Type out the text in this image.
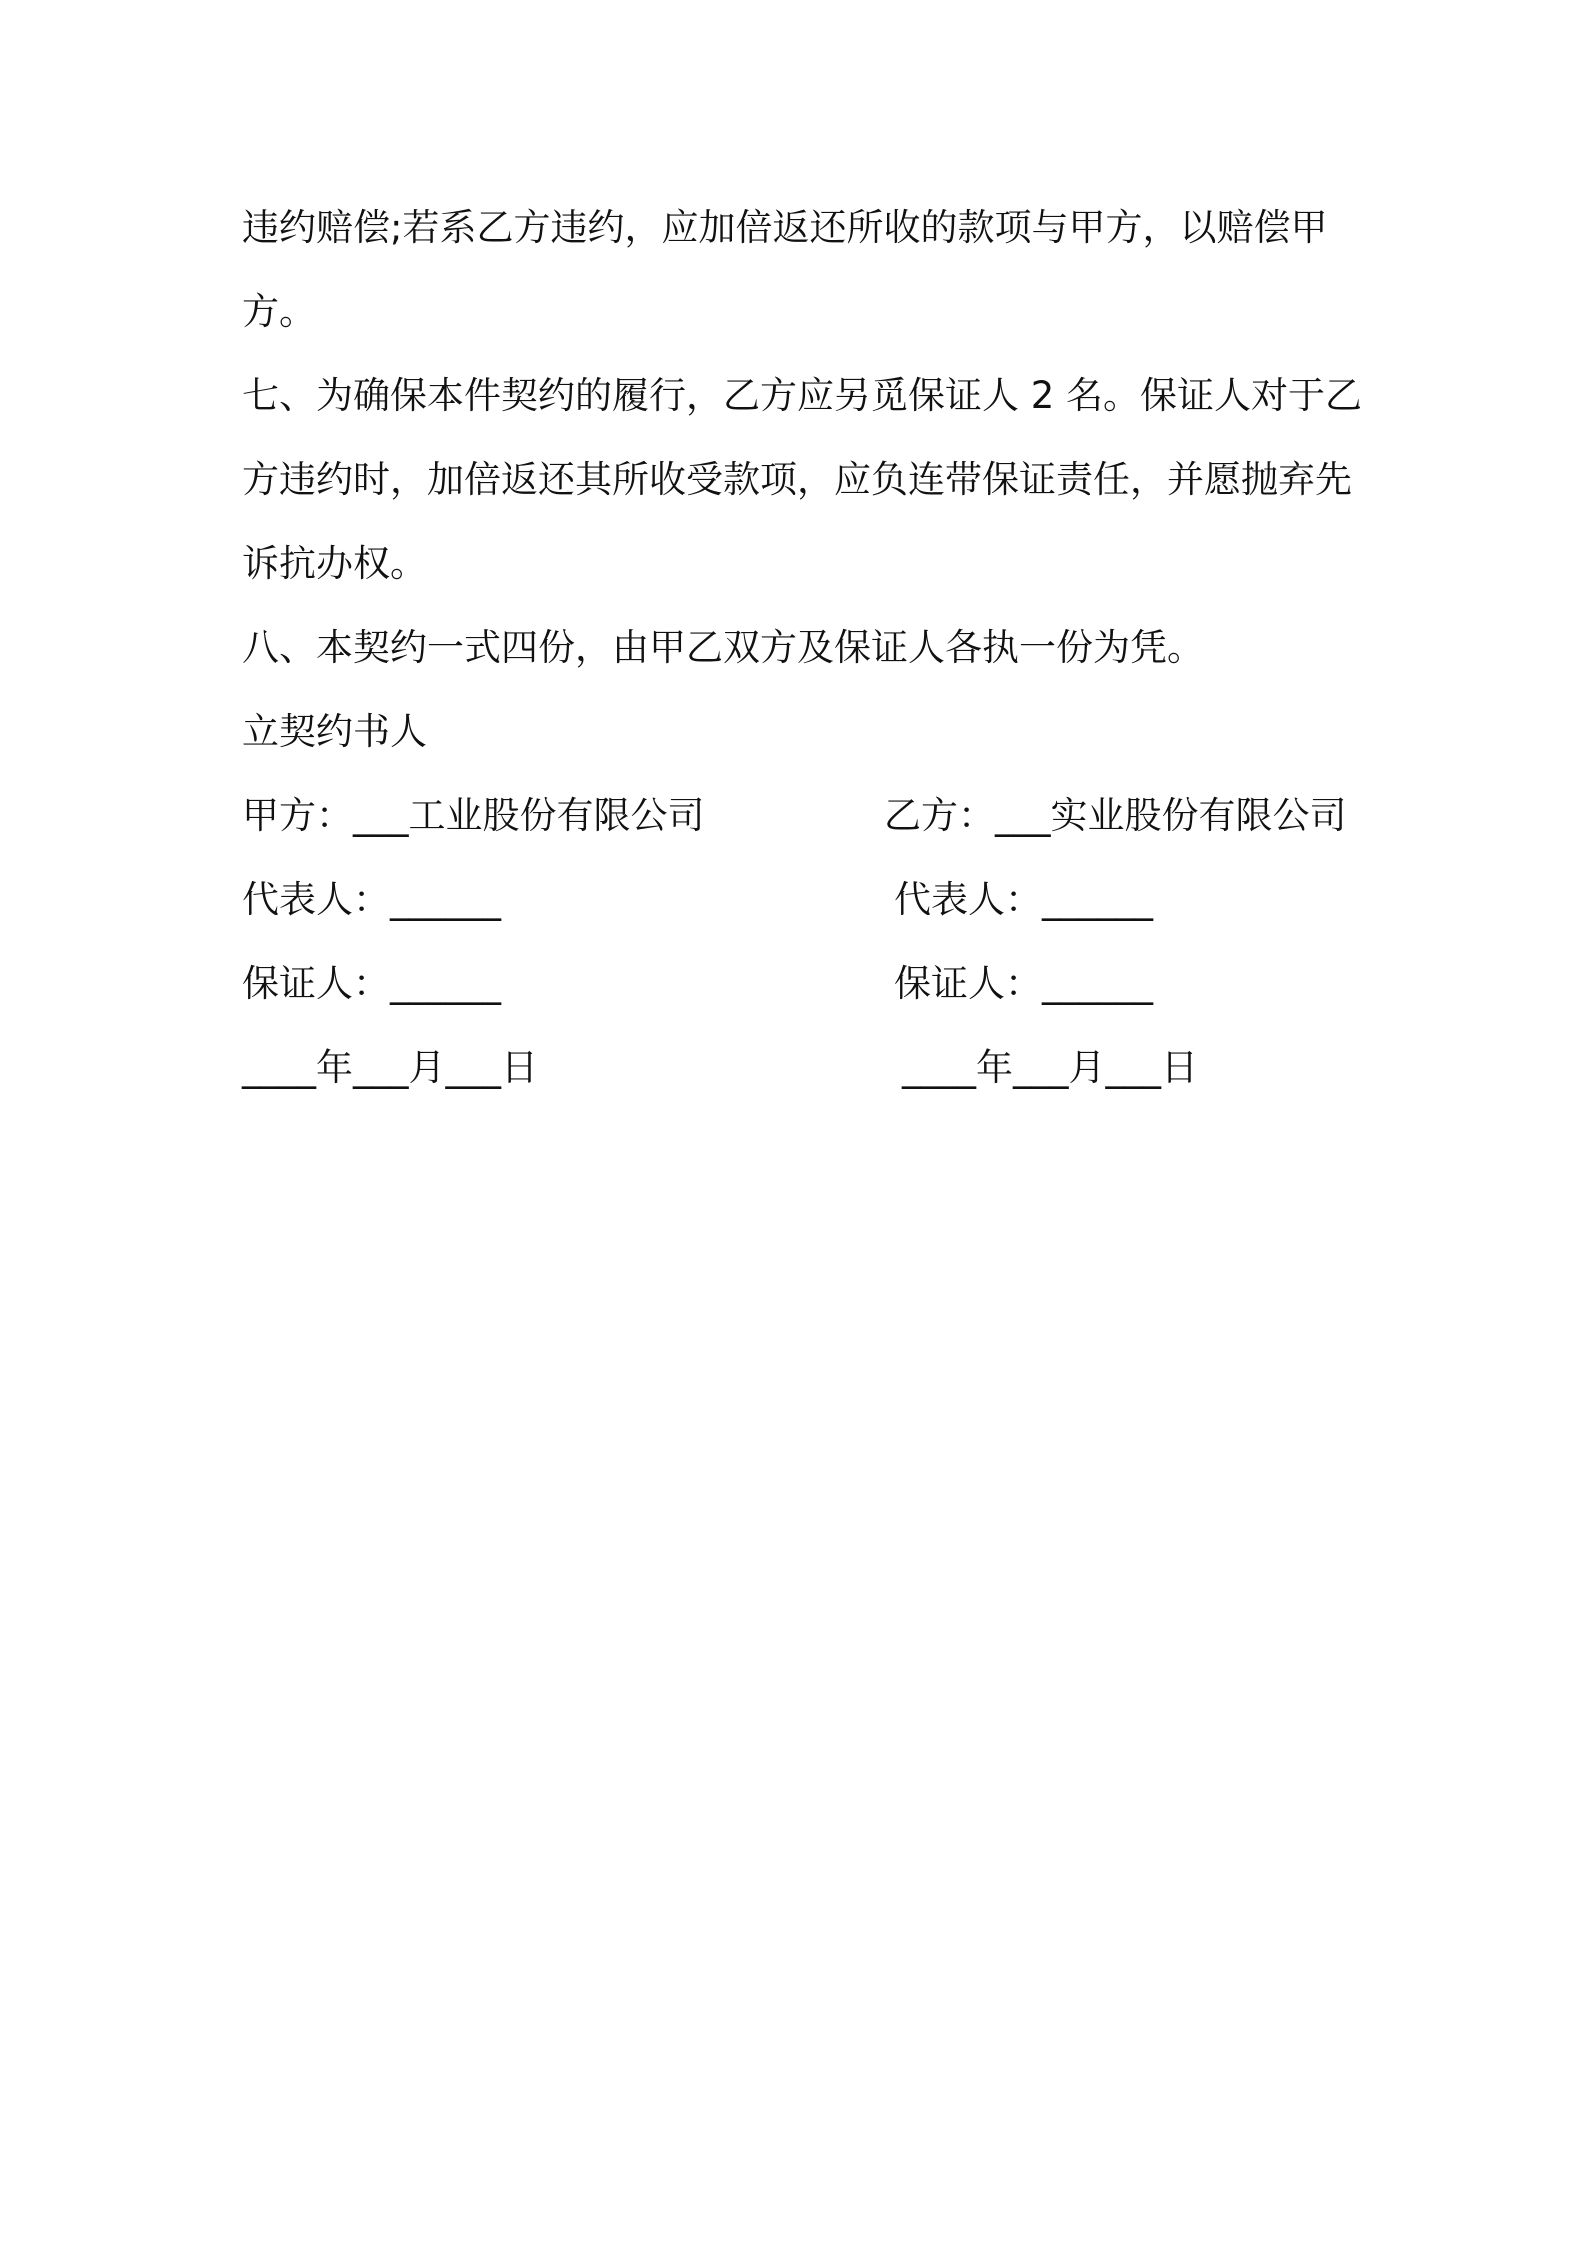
违约赔偿;若系乙方违约，应加倍返还所收的款项与甲方，以赔偿甲
方。

七、为确保本件契约的履行，乙方应另觅保证人 2 名。保证人对于乙
方违约时，加倍返还其所收受款项，应负连带保证责任，并愿抛弃先
诉抗办权。

八、本契约一式四份，由甲乙双方及保证人各执一份为凭。

立契约书人

甲方：___工业股份有限公司
代表人：______
保证人：______
____年___月___日
乙方：___实业股份有限公司
代表人：______
保证人：______
____年___月___日
